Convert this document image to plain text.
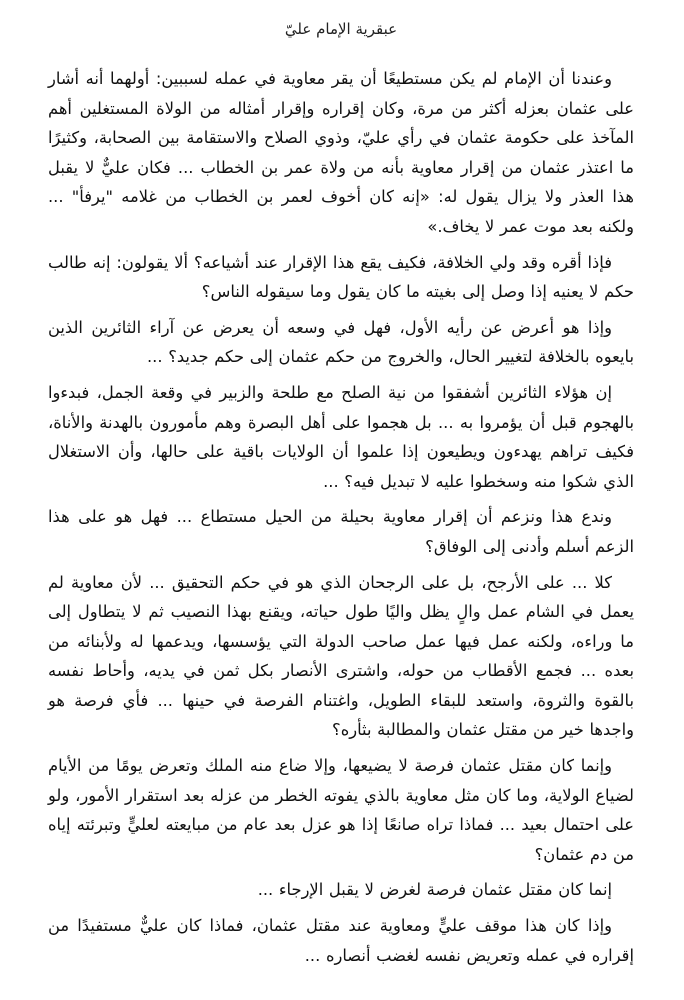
عبقرية الإمام عليّ

وعندنا أن الإمام لم يكن مستطيعًا أن يقر معاوية في عمله لسببين: أولهما أنه أشار على عثمان بعزله أكثر من مرة، وكان إقراره وإقرار أمثاله من الولاة المستغلين أهم المآخذ على حكومة عثمان في رأي عليّ، وذوي الصلاح والاستقامة بين الصحابة، وكثيرًا ما اعتذر عثمان من إقرار معاوية بأنه من ولاة عمر بن الخطاب ... فكان عليٌّ لا يقبل هذا العذر ولا يزال يقول له: «إنه كان أخوف لعمر بن الخطاب من غلامه "يرفأ" ... ولكنه بعد موت عمر لا يخاف.»

فإذا أقره وقد ولي الخلافة، فكيف يقع هذا الإقرار عند أشياعه؟ ألا يقولون: إنه طالب حكم لا يعنيه إذا وصل إلى بغيته ما كان يقول وما سيقوله الناس؟

وإذا هو أعرض عن رأيه الأول، فهل في وسعه أن يعرض عن آراء الثائرين الذين بايعوه بالخلافة لتغيير الحال، والخروج من حكم عثمان إلى حكم جديد؟ ...

إن هؤلاء الثائرين أشفقوا من نية الصلح مع طلحة والزبير في وقعة الجمل، فبدءوا بالهجوم قبل أن يؤمروا به ... بل هجموا على أهل البصرة وهم مأمورون بالهدنة والأناة، فكيف تراهم يهدءون ويطيعون إذا علموا أن الولايات باقية على حالها، وأن الاستغلال الذي شكوا منه وسخطوا عليه لا تبديل فيه؟ ...

وندع هذا ونزعم أن إقرار معاوية بحيلة من الحيل مستطاع ... فهل هو على هذا الزعم أسلم وأدنى إلى الوفاق؟

كلا ... على الأرجح، بل على الرجحان الذي هو في حكم التحقيق ... لأن معاوية لم يعمل في الشام عمل والٍ يظل واليًا طول حياته، ويقنع بهذا النصيب ثم لا يتطاول إلى ما وراءه، ولكنه عمل فيها عمل صاحب الدولة التي يؤسسها، ويدعمها له ولأبنائه من بعده ... فجمع الأقطاب من حوله، واشترى الأنصار بكل ثمن في يديه، وأحاط نفسه بالقوة والثروة، واستعد للبقاء الطويل، واغتنام الفرصة في حينها ... فأي فرصة هو واجدها خير من مقتل عثمان والمطالبة بثأره؟

وإنما كان مقتل عثمان فرصة لا يضيعها، وإلا ضاع منه الملك وتعرض يومًا من الأيام لضياع الولاية، وما كان مثل معاوية بالذي يفوته الخطر من عزله بعد استقرار الأمور، ولو على احتمال بعيد ... فماذا تراه صانعًا إذا هو عزل بعد عام من مبايعته لعليٍّ وتبرئته إياه من دم عثمان؟

إنما كان مقتل عثمان فرصة لغرض لا يقبل الإرجاء ...

وإذا كان هذا موقف عليٍّ ومعاوية عند مقتل عثمان، فماذا كان عليٌّ مستفيدًا من إقراره في عمله وتعريض نفسه لغضب أنصاره ...
